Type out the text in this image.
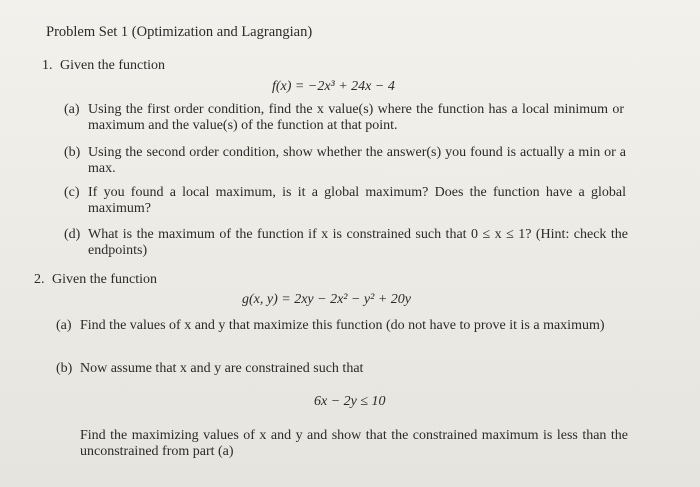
Problem Set 1 (Optimization and Lagrangian)
1. Given the function
f(x) = −2x³ + 24x − 4
(a) Using the first order condition, find the x value(s) where the function has a local minimum or maximum and the value(s) of the function at that point.
(b) Using the second order condition, show whether the answer(s) you found is actually a min or a max.
(c) If you found a local maximum, is it a global maximum? Does the function have a global maximum?
(d) What is the maximum of the function if x is constrained such that 0 ≤ x ≤ 1? (Hint: check the endpoints)
2. Given the function
g(x, y) = 2xy − 2x² − y² + 20y
(a) Find the values of x and y that maximize this function (do not have to prove it is a maximum)
(b) Now assume that x and y are constrained such that
6x − 2y ≤ 10
Find the maximizing values of x and y and show that the constrained maximum is less than the unconstrained from part (a)
